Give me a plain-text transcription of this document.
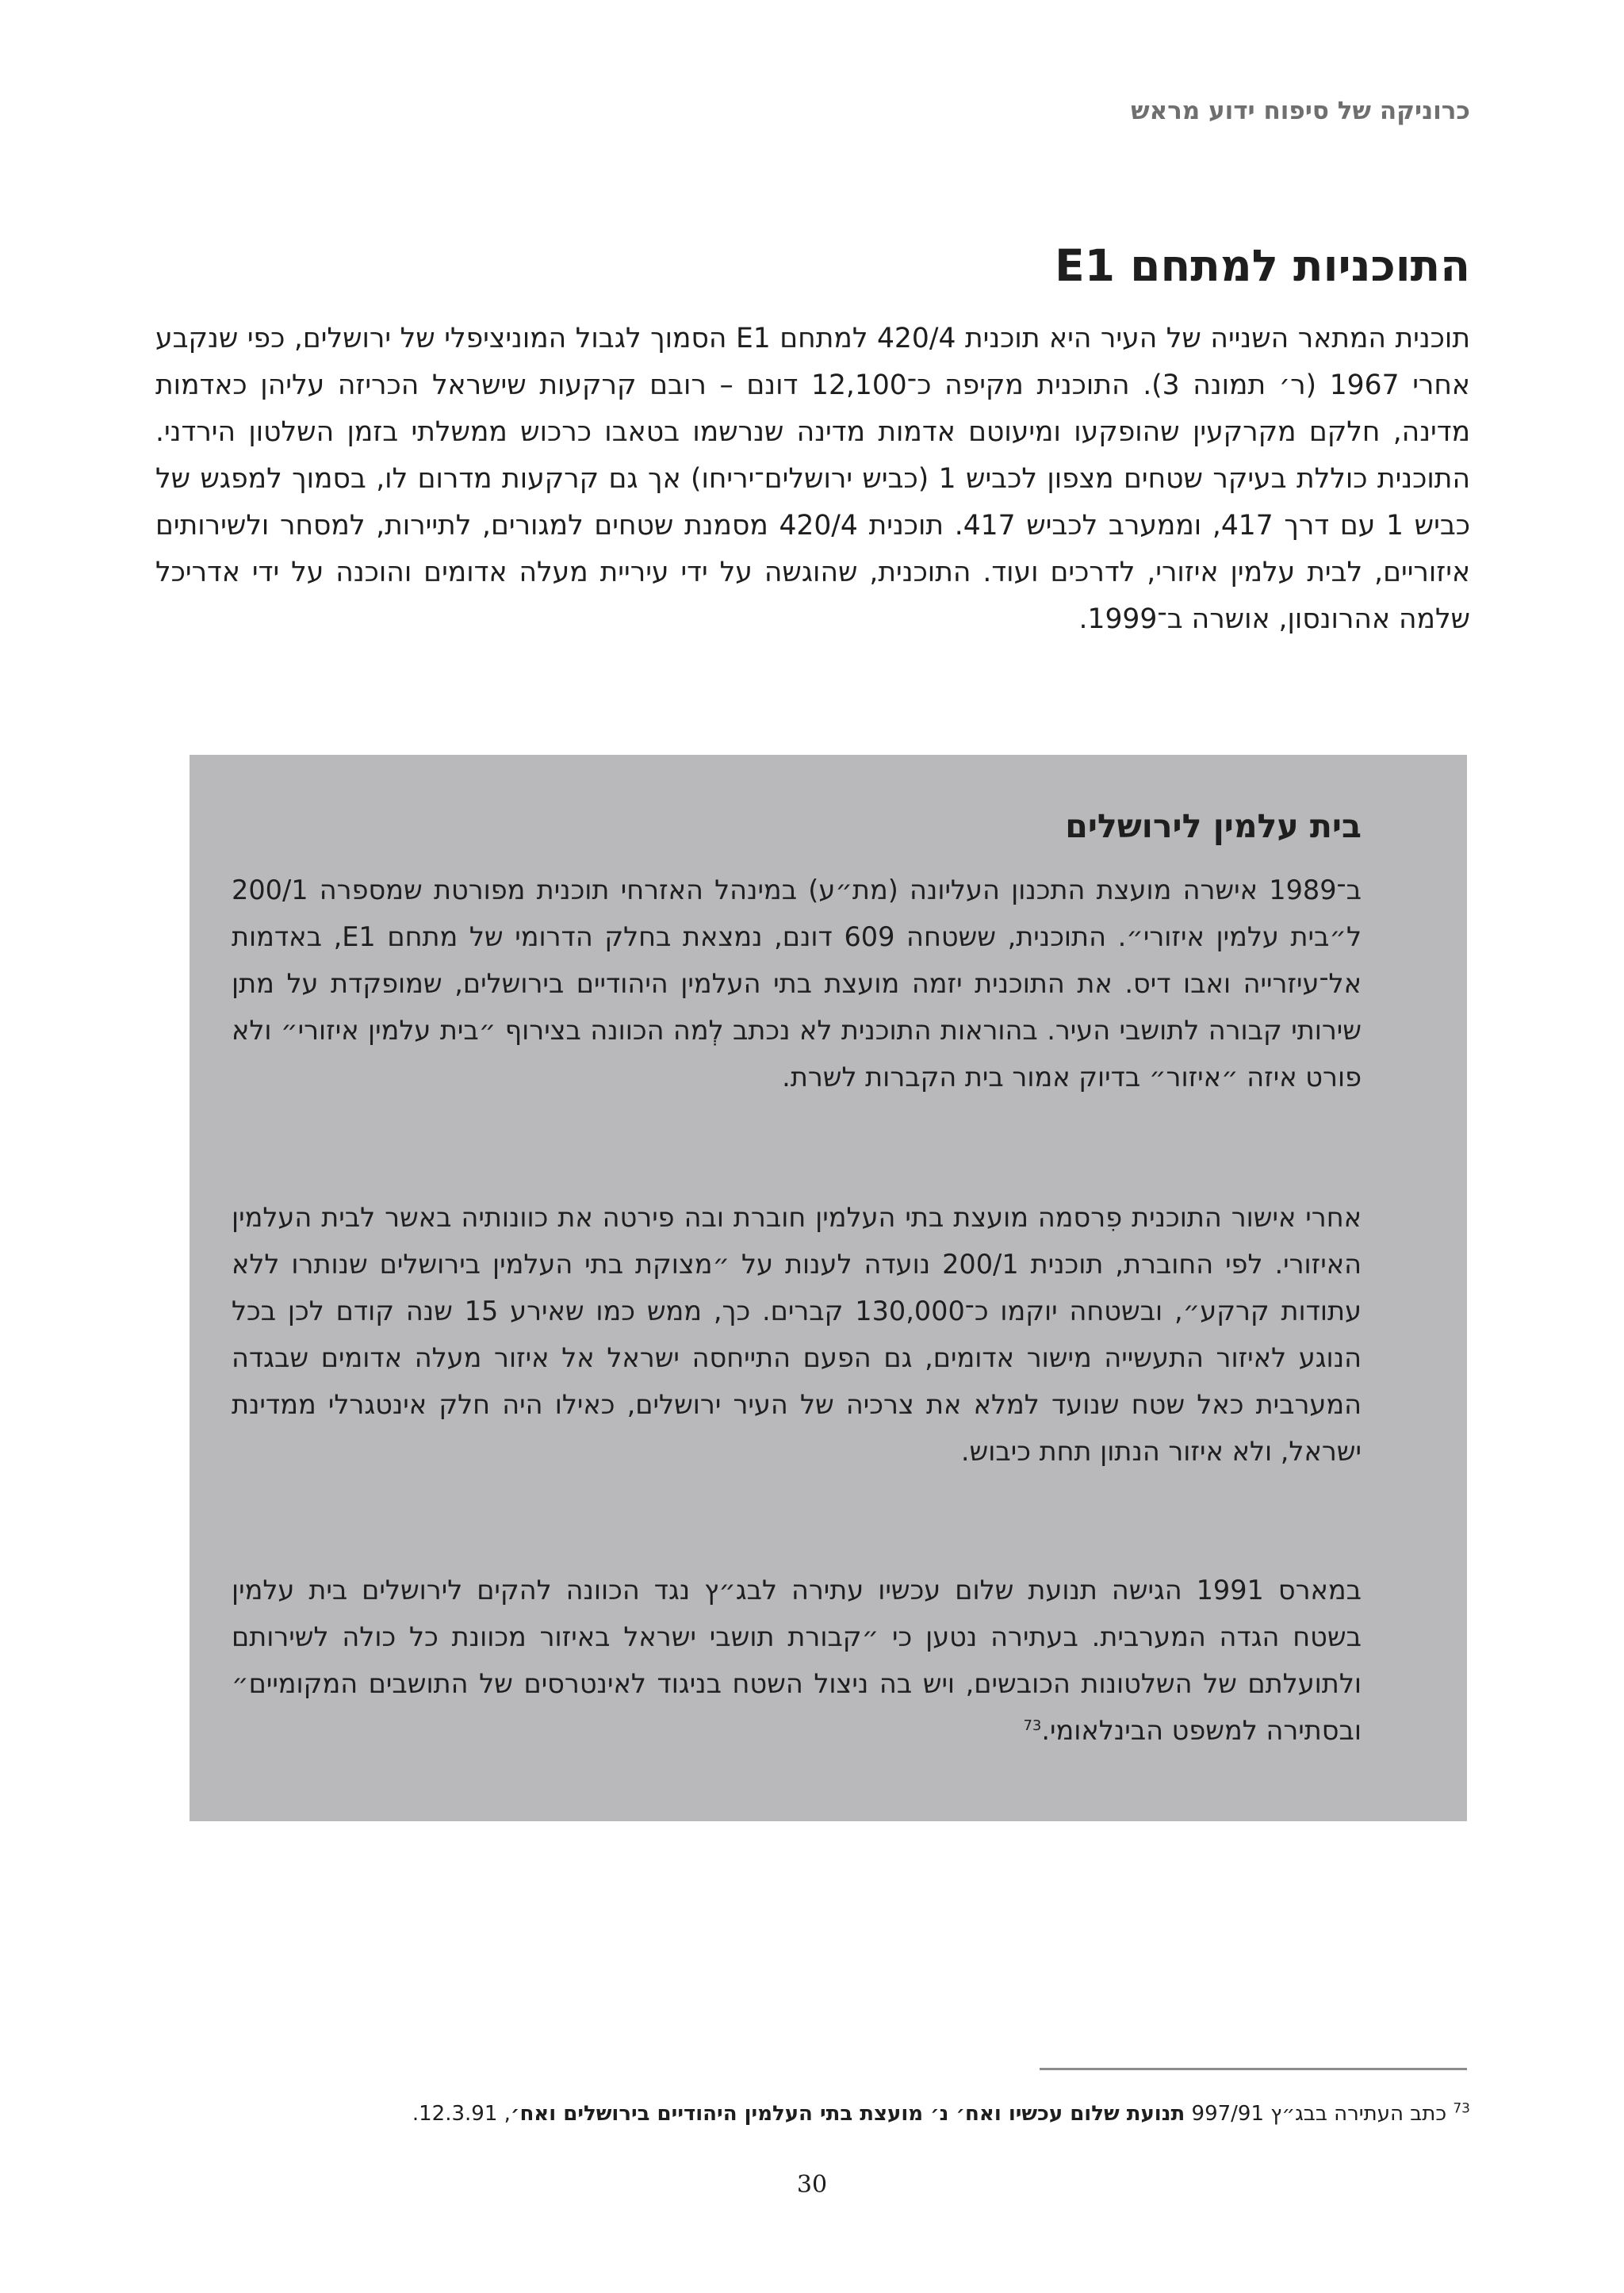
כרוניקה של סיפוח ידוע מראש
התוכניות למתחם E1

תוכנית המתאר השנייה של העיר היא תוכנית 420/4 למתחם E1 הסמוך לגבול המוניציפלי של ירושלים, כפי שנקבע אחרי 1967 (ר׳ תמונה 3). התוכנית מקיפה כ־12,100 דונם – רובם קרקעות שישראל הכריזה עליהן כאדמות מדינה, חלקם מקרקעין שהופקעו ומיעוטם אדמות מדינה שנרשמו בטאבו כרכוש ממשלתי בזמן השלטון הירדני. התוכנית כוללת בעיקר שטחים מצפון לכביש 1 (כביש ירושלים־יריחו) אך גם קרקעות מדרום לו, בסמוך למפגש של כביש 1 עם דרך 417, וממערב לכביש 417. תוכנית 420/4 מסמנת שטחים למגורים, לתיירות, למסחר ולשירותים איזוריים, לבית עלמין איזורי, לדרכים ועוד. התוכנית, שהוגשה על ידי עיריית מעלה אדומים והוכנה על ידי אדריכל שלמה אהרונסון, אושרה ב־1999.

בית עלמין לירושלים

ב־1989 אישרה מועצת התכנון העליונה (מת״ע) במינהל האזרחי תוכנית מפורטת שמספרה 200/1 ל״בית עלמין איזורי״. התוכנית, ששטחה 609 דונם, נמצאת בחלק הדרומי של מתחם E1, באדמות אל־עיזרייה ואבו דיס. את התוכנית יזמה מועצת בתי העלמין היהודיים בירושלים, שמופקדת על מתן שירותי קבורה לתושבי העיר. בהוראות התוכנית לא נכתב לְמה הכוונה בצירוף ״בית עלמין איזורי״ ולא פורט איזה ״איזור״ בדיוק אמור בית הקברות לשרת.

אחרי אישור התוכנית פִרסמה מועצת בתי העלמין חוברת ובה פירטה את כוונותיה באשר לבית העלמין האיזורי. לפי החוברת, תוכנית 200/1 נועדה לענות על ״מצוקת בתי העלמין בירושלים שנותרו ללא עתודות קרקע״, ובשטחה יוקמו כ־130,000 קברים. כך, ממש כמו שאירע 15 שנה קודם לכן בכל הנוגע לאיזור התעשייה מישור אדומים, גם הפעם התייחסה ישראל אל איזור מעלה אדומים שבגדה המערבית כאל שטח שנועד למלא את צרכיה של העיר ירושלים, כאילו היה חלק אינטגרלי ממדינת ישראל, ולא איזור הנתון תחת כיבוש.

במארס 1991 הגישה תנועת שלום עכשיו עתירה לבג״ץ נגד הכוונה להקים לירושלים בית עלמין בשטח הגדה המערבית. בעתירה נטען כי ״קבורת תושבי ישראל באיזור מכוונת כל כולה לשירותם ולתועלתם של השלטונות הכובשים, ויש בה ניצול השטח בניגוד לאינטרסים של התושבים המקומיים״ ובסתירה למשפט הבינלאומי.$^{73}$

$^{73}$ כתב העתירה בבג״ץ 997/91 תנועת שלום עכשיו ואח׳ נ׳ מועצת בתי העלמין היהודיים בירושלים ואח׳, 12.3.91.

30
